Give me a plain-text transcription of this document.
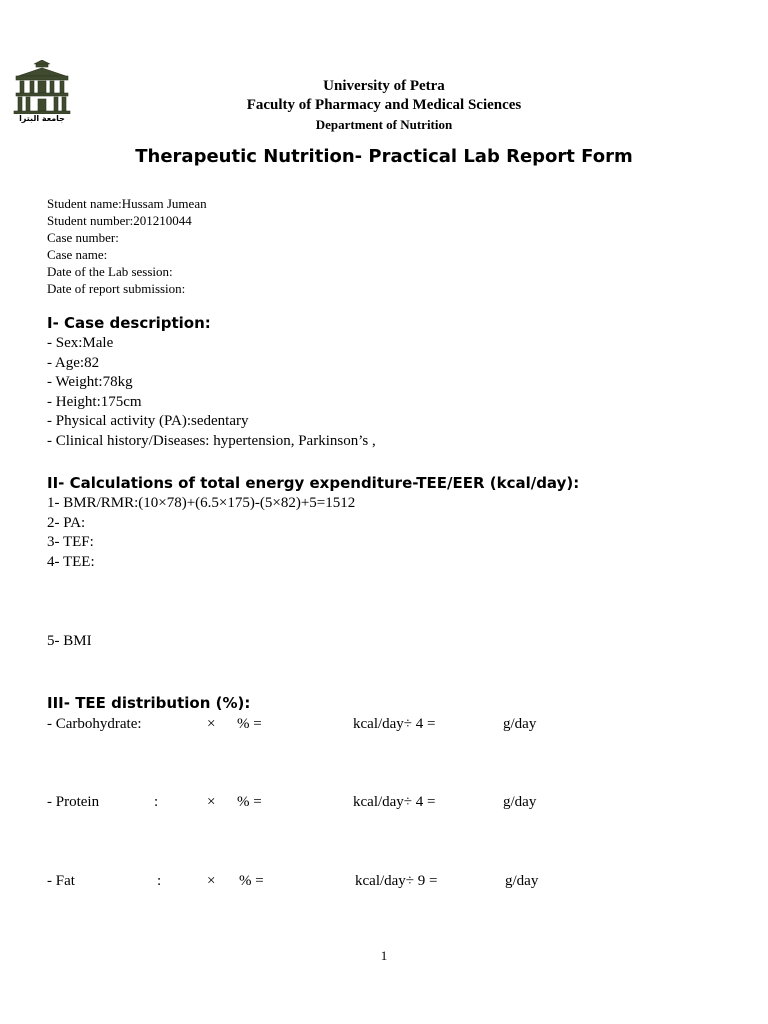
جامعة البترا
University of Petra
Faculty of Pharmacy and Medical Sciences
Department of Nutrition
Therapeutic Nutrition- Practical Lab Report Form
Student name:Hussam Jumean
Student number:201210044
Case number:
Case name:
Date of the Lab session:
Date of report submission:
I- Case description:
- Sex:Male
- Age:82
- Weight:78kg
- Height:175cm
- Physical activity (PA):sedentary
- Clinical history/Diseases: hypertension, Parkinson’s ,
II- Calculations of total energy expenditure-TEE/EER (kcal/day):
1- BMR/RMR:(10×78)+(6.5×175)-(5×82)+5=1512
2- PA:
3- TEF:
4- TEE:
5- BMI
III- TEE distribution (%):
- Carbohydrate:	× % =	kcal/day÷ 4 =	g/day
- Protein	:	× % =	kcal/day÷ 4 =	g/day
- Fat	:	× % =	kcal/day÷ 9 =	g/day
1
